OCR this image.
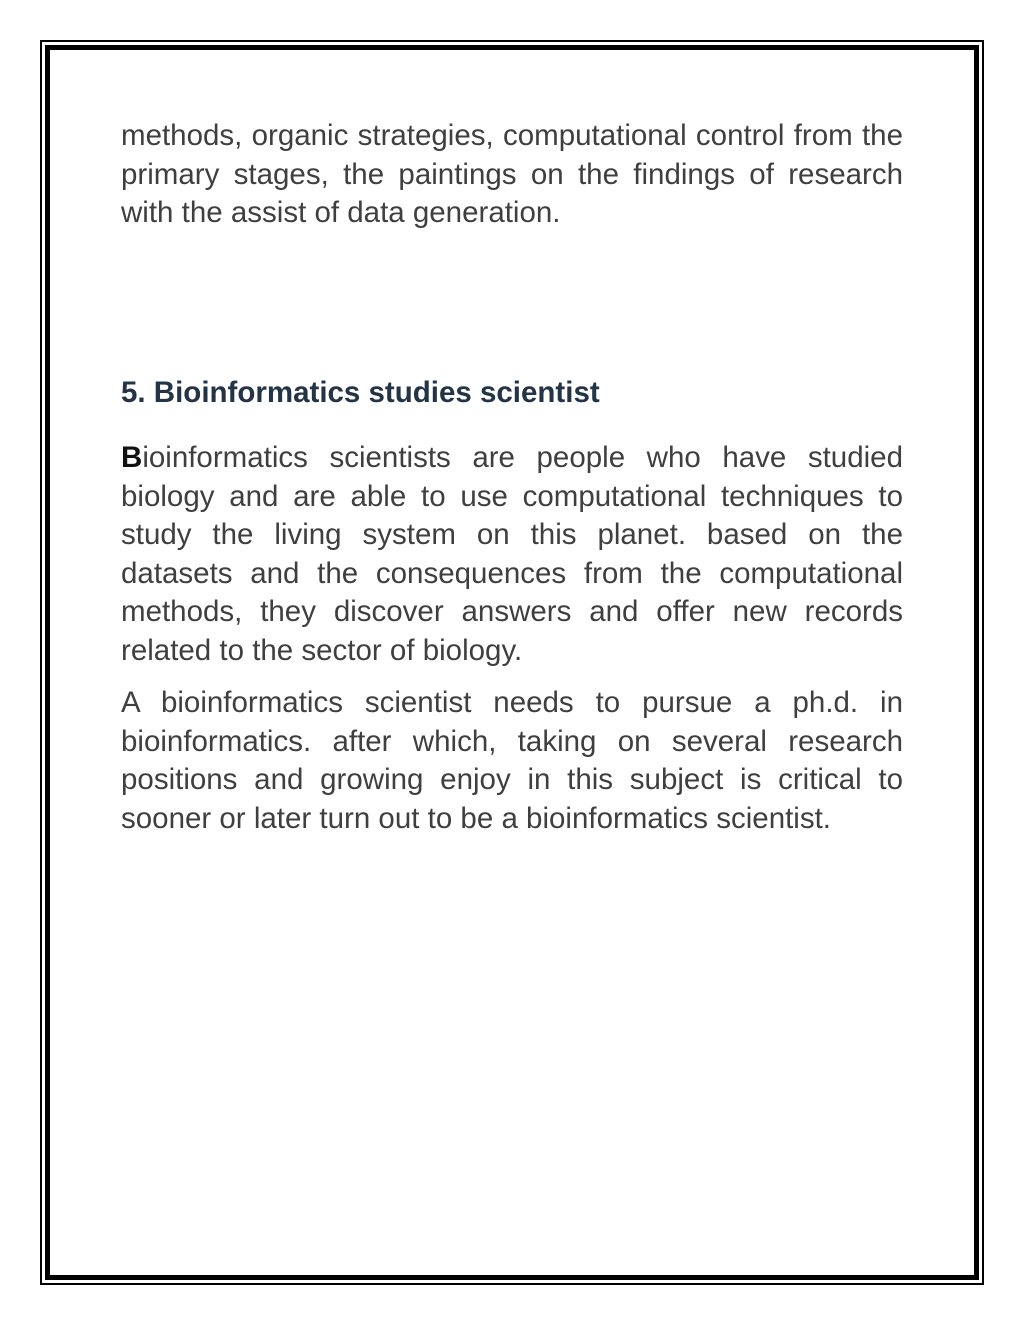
methods, organic strategies, computational control from the primary stages, the paintings on the findings of research with the assist of data generation.

5. Bioinformatics studies scientist

Bioinformatics scientists are people who have studied biology and are able to use computational techniques to study the living system on this planet. based on the datasets and the consequences from the computational methods, they discover answers and offer new records related to the sector of biology.

A bioinformatics scientist needs to pursue a ph.d. in bioinformatics. after which, taking on several research positions and growing enjoy in this subject is critical to sooner or later turn out to be a bioinformatics scientist.
